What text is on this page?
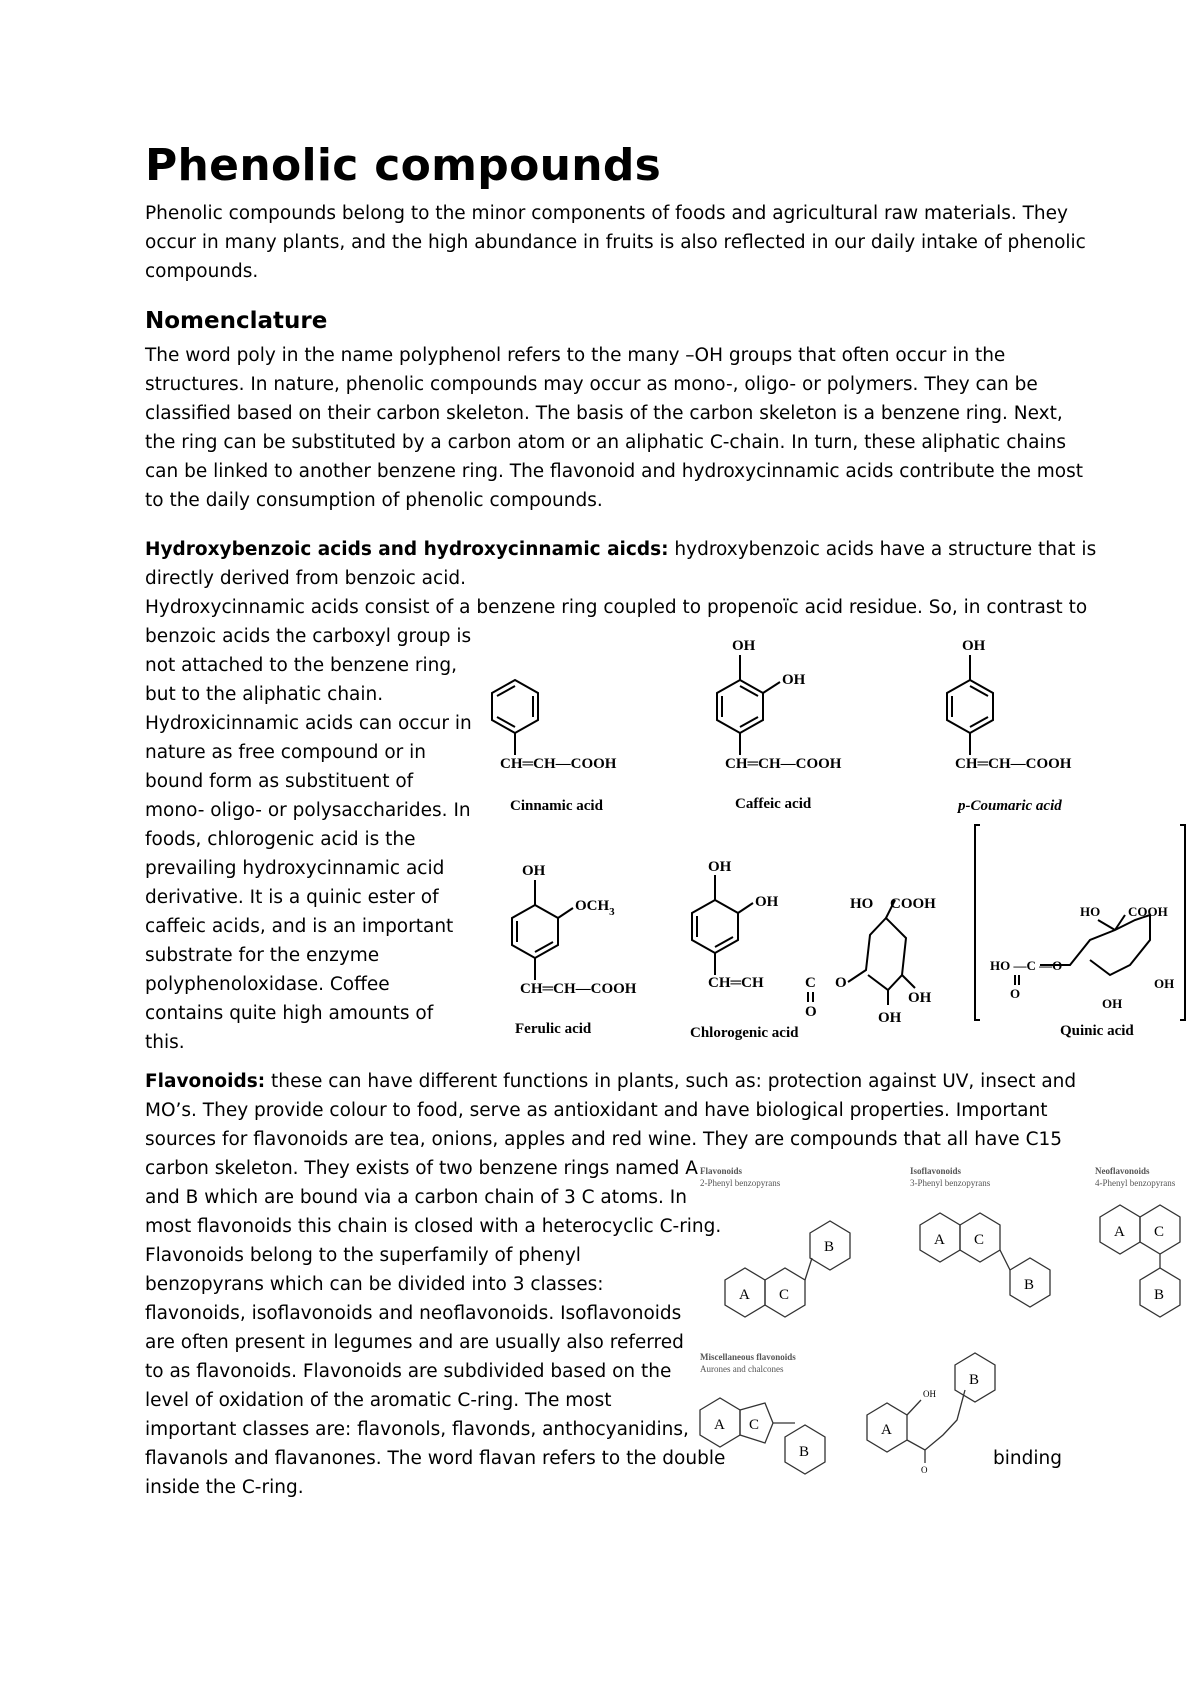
Phenolic compounds
Phenolic compounds belong to the minor components of foods and agricultural raw materials. They
occur in many plants, and the high abundance in fruits is also reflected in our daily intake of phenolic
compounds.
Nomenclature
The word poly in the name polyphenol refers to the many –OH groups that often occur in the
structures. In nature, phenolic compounds may occur as mono-, oligo- or polymers. They can be
classified based on their carbon skeleton. The basis of the carbon skeleton is a benzene ring. Next,
the ring can be substituted by a carbon atom or an aliphatic C-chain. In turn, these aliphatic chains
can be linked to another benzene ring. The flavonoid and hydroxycinnamic acids contribute the most
to the daily consumption of phenolic compounds.
Hydroxybenzoic acids and hydroxycinnamic aicds: hydroxybenzoic acids have a structure that is
directly derived from benzoic acid.
Hydroxycinnamic acids consist of a benzene ring coupled to propenoïc acid residue. So, in contrast to
benzoic acids the carboxyl group is
not attached to the benzene ring,
but to the aliphatic chain.
Hydroxicinnamic acids can occur in
nature as free compound or in
bound form as substituent of
mono- oligo- or polysaccharides. In
foods, chlorogenic acid is the
prevailing hydroxycinnamic acid
derivative. It is a quinic ester of
caffeic acids, and is an important
substrate for the enzyme
polyphenoloxidase. Coffee
contains quite high amounts of
this.
CH═CH—COOH
Cinnamic acid
OH
OH
CH═CH—COOH
Caffeic acid
OH
CH═CH—COOH
p-Coumaric acid
OH
$OCH_3$
CH═CH—COOH
Ferulic acid
OH
OH
CH═CH	C
O
O
HO COOH
OH
OH
Chlorogenic acid
HO COOH
HO —C —O
O
OH
OH
Quinic acid
Flavonoids: these can have different functions in plants, such as: protection against UV, insect and
MO’s. They provide colour to food, serve as antioxidant and have biological properties. Important
sources for flavonoids are tea, onions, apples and red wine. They are compounds that all have C15
carbon skeleton. They exists of two benzene rings named A
and B which are bound via a carbon chain of 3 C atoms. In
most flavonoids this chain is closed with a heterocyclic C-ring.
Flavonoids belong to the superfamily of phenyl
benzopyrans which can be divided into 3 classes:
flavonoids, isoflavonoids and neoflavonoids. Isoflavonoids
are often present in legumes and are usually also referred
to as flavonoids. Flavonoids are subdivided based on the
level of oxidation of the aromatic C-ring. The most
important classes are: flavonols, flavonds, anthocyanidins,
flavanols and flavanones. The word flavan refers to the double
inside the C-ring.
binding
Flavonoids
2-Phenyl benzopyrans
Isoflavonoids
3-Phenyl benzopyrans
Neoflavonoids
4-Phenyl benzopyrans
Miscellaneous flavonoids
Aurones and chalcones
A C
B	A C
B
A C
B
A C
B
A
B
OH
O
